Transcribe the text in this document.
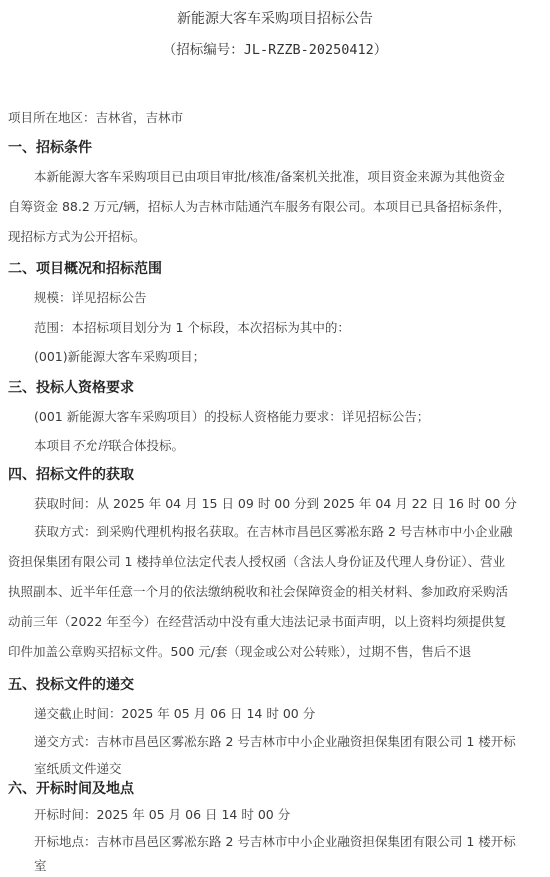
新能源大客车采购项目招标公告
（招标编号：JL-RZZB-20250412）
项目所在地区：吉林省，吉林市
一、招标条件
本新能源大客车采购项目已由项目审批/核准/备案机关批准，项目资金来源为其他资金
自筹资金 88.2 万元/辆，招标人为吉林市陆通汽车服务有限公司。本项目已具备招标条件，
现招标方式为公开招标。
二、项目概况和招标范围
规模：详见招标公告
范围：本招标项目划分为 1 个标段，本次招标为其中的：
(001)新能源大客车采购项目；
三、投标人资格要求
(001 新能源大客车采购项目）的投标人资格能力要求：详见招标公告；
本项目不允许联合体投标。
四、招标文件的获取
获取时间：从 2025 年 04 月 15 日 09 时 00 分到 2025 年 04 月 22 日 16 时 00 分
获取方式：到采购代理机构报名获取。在吉林市昌邑区雾凇东路 2 号吉林市中小企业融
资担保集团有限公司 1 楼持单位法定代表人授权函（含法人身份证及代理人身份证）、营业
执照副本、近半年任意一个月的依法缴纳税收和社会保障资金的相关材料、参加政府采购活
动前三年（2022 年至今）在经营活动中没有重大违法记录书面声明，以上资料均须提供复
印件加盖公章购买招标文件。500 元/套（现金或公对公转账），过期不售，售后不退
五、投标文件的递交
递交截止时间：2025 年 05 月 06 日 14 时 00 分
递交方式：吉林市昌邑区雾凇东路 2 号吉林市中小企业融资担保集团有限公司 1 楼开标
室纸质文件递交
六、开标时间及地点
开标时间：2025 年 05 月 06 日 14 时 00 分
开标地点：吉林市昌邑区雾凇东路 2 号吉林市中小企业融资担保集团有限公司 1 楼开标
室
